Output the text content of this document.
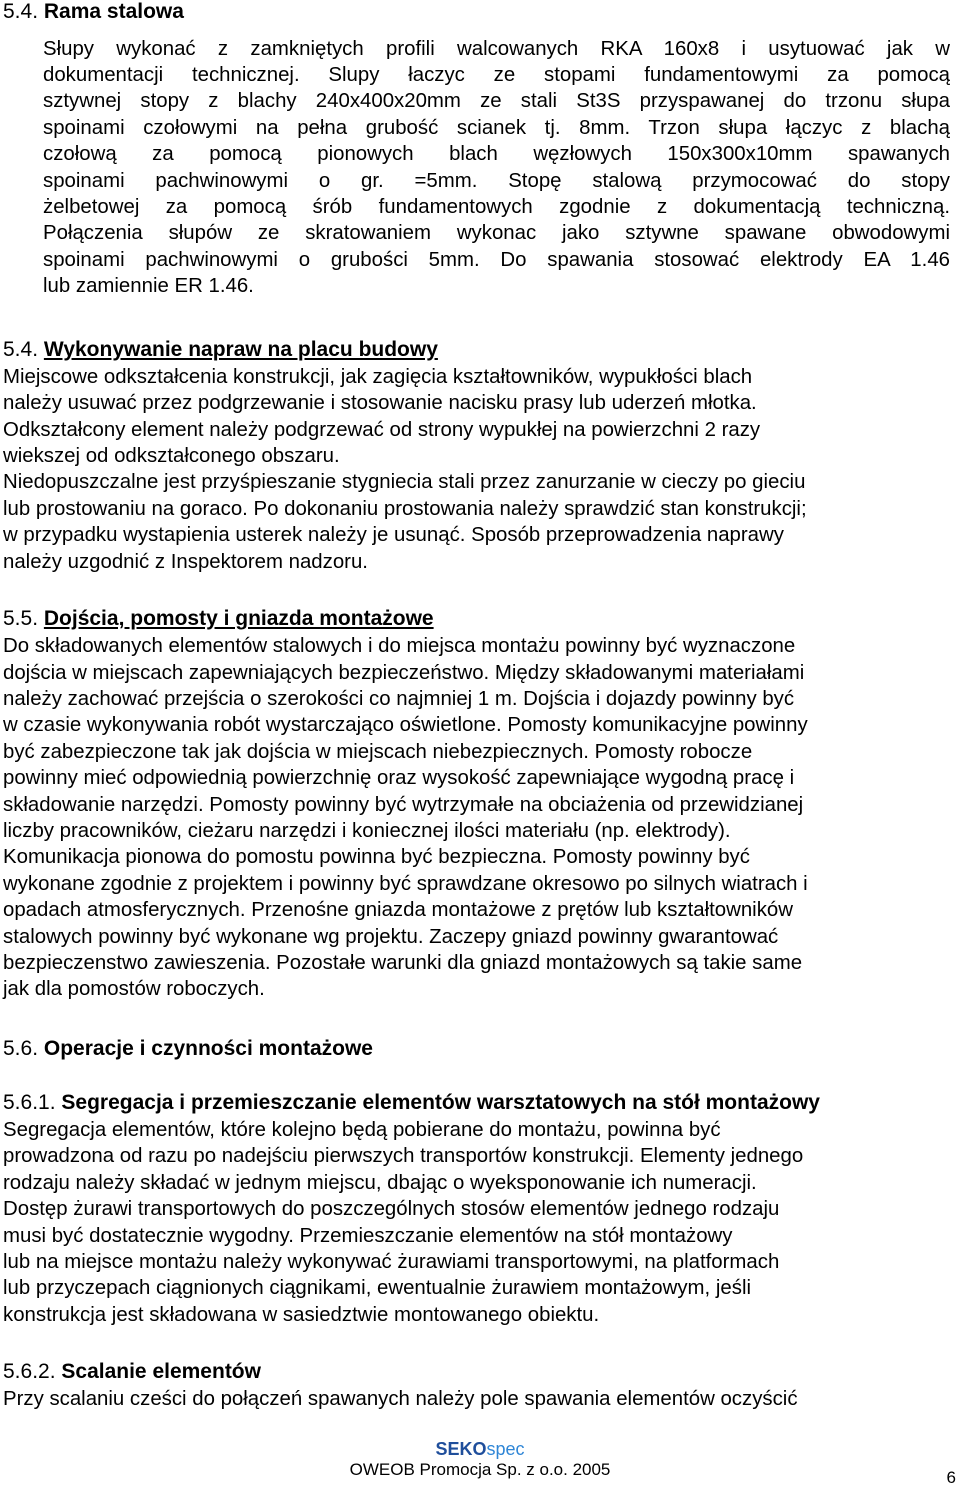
5.4. Rama stalowa
Słupy wykonać z zamkniętych profili walcowanych RKA 160x8 i usytuować jak w
dokumentacji technicznej. Slupy łaczyc ze stopami fundamentowymi za pomocą
sztywnej stopy z blachy 240x400x20mm ze stali St3S przyspawanej do trzonu słupa
spoinami czołowymi na pełna grubość scianek tj. 8mm. Trzon słupa łączyc z blachą
czołową za pomocą pionowych blach węzłowych 150x300x10mm spawanych
spoinami pachwinowymi o gr. =5mm. Stopę stalową przymocować do stopy
żelbetowej za pomocą śrób fundamentowych zgodnie z dokumentacją techniczną.
Połączenia słupów ze skratowaniem wykonac jako sztywne spawane obwodowymi
spoinami pachwinowymi o grubości 5mm. Do spawania stosować elektrody EA 1.46
lub zamiennie ER 1.46.
5.4. Wykonywanie napraw na placu budowy
Miejscowe odkształcenia konstrukcji, jak zagięcia kształtowników, wypukłości blach
należy usuwać przez podgrzewanie i stosowanie nacisku prasy lub uderzeń młotka.
Odkształcony element należy podgrzewać od strony wypukłej na powierzchni 2 razy
wiekszej od odkształconego obszaru.
Niedopuszczalne jest przyśpieszanie stygniecia stali przez zanurzanie w cieczy po gieciu
lub prostowaniu na goraco. Po dokonaniu prostowania należy sprawdzić stan konstrukcji;
w przypadku wystapienia usterek należy je usunąć. Sposób przeprowadzenia naprawy
należy uzgodnić z Inspektorem nadzoru.
5.5. Dojścia, pomosty i gniazda montażowe
Do składowanych elementów stalowych i do miejsca montażu powinny być wyznaczone
dojścia w miejscach zapewniających bezpieczeństwo. Między składowanymi materiałami
należy zachować przejścia o szerokości co najmniej 1 m. Dojścia i dojazdy powinny być
w czasie wykonywania robót wystarczająco oświetlone. Pomosty komunikacyjne powinny
być zabezpieczone tak jak dojścia w miejscach niebezpiecznych. Pomosty robocze
powinny mieć odpowiednią powierzchnię oraz wysokość zapewniające wygodną pracę i
składowanie narzędzi. Pomosty powinny być wytrzymałe na obciażenia od przewidzianej
liczby pracowników, cieżaru narzędzi i koniecznej ilości materiału (np. elektrody).
Komunikacja pionowa do pomostu powinna być bezpieczna. Pomosty powinny być
wykonane zgodnie z projektem i powinny być sprawdzane okresowo po silnych wiatrach i
opadach atmosferycznych. Przenośne gniazda montażowe z prętów lub kształtowników
stalowych powinny być wykonane wg projektu. Zaczepy gniazd powinny gwarantować
bezpieczenstwo zawieszenia. Pozostałe warunki dla gniazd montażowych są takie same
jak dla pomostów roboczych.
5.6. Operacje i czynności montażowe
5.6.1. Segregacja i przemieszczanie elementów warsztatowych na stół montażowy
Segregacja elementów, które kolejno będą pobierane do montażu, powinna być
prowadzona od razu po nadejściu pierwszych transportów konstrukcji. Elementy jednego
rodzaju należy składać w jednym miejscu, dbając o wyeksponowanie ich numeracji.
Dostęp żurawi transportowych do poszczególnych stosów elementów jednego rodzaju
musi być dostatecznie wygodny. Przemieszczanie elementów na stół montażowy
lub na miejsce montażu należy wykonywać żurawiami transportowymi, na platformach
lub przyczepach ciągnionych ciągnikami, ewentualnie żurawiem montażowym, jeśli
konstrukcja jest składowana w sasiedztwie montowanego obiektu.
5.6.2. Scalanie elementów
Przy scalaniu cześci do połączeń spawanych należy pole spawania elementów oczyścić
SEKOspec
OWEOB Promocja Sp. z o.o. 2005	6
